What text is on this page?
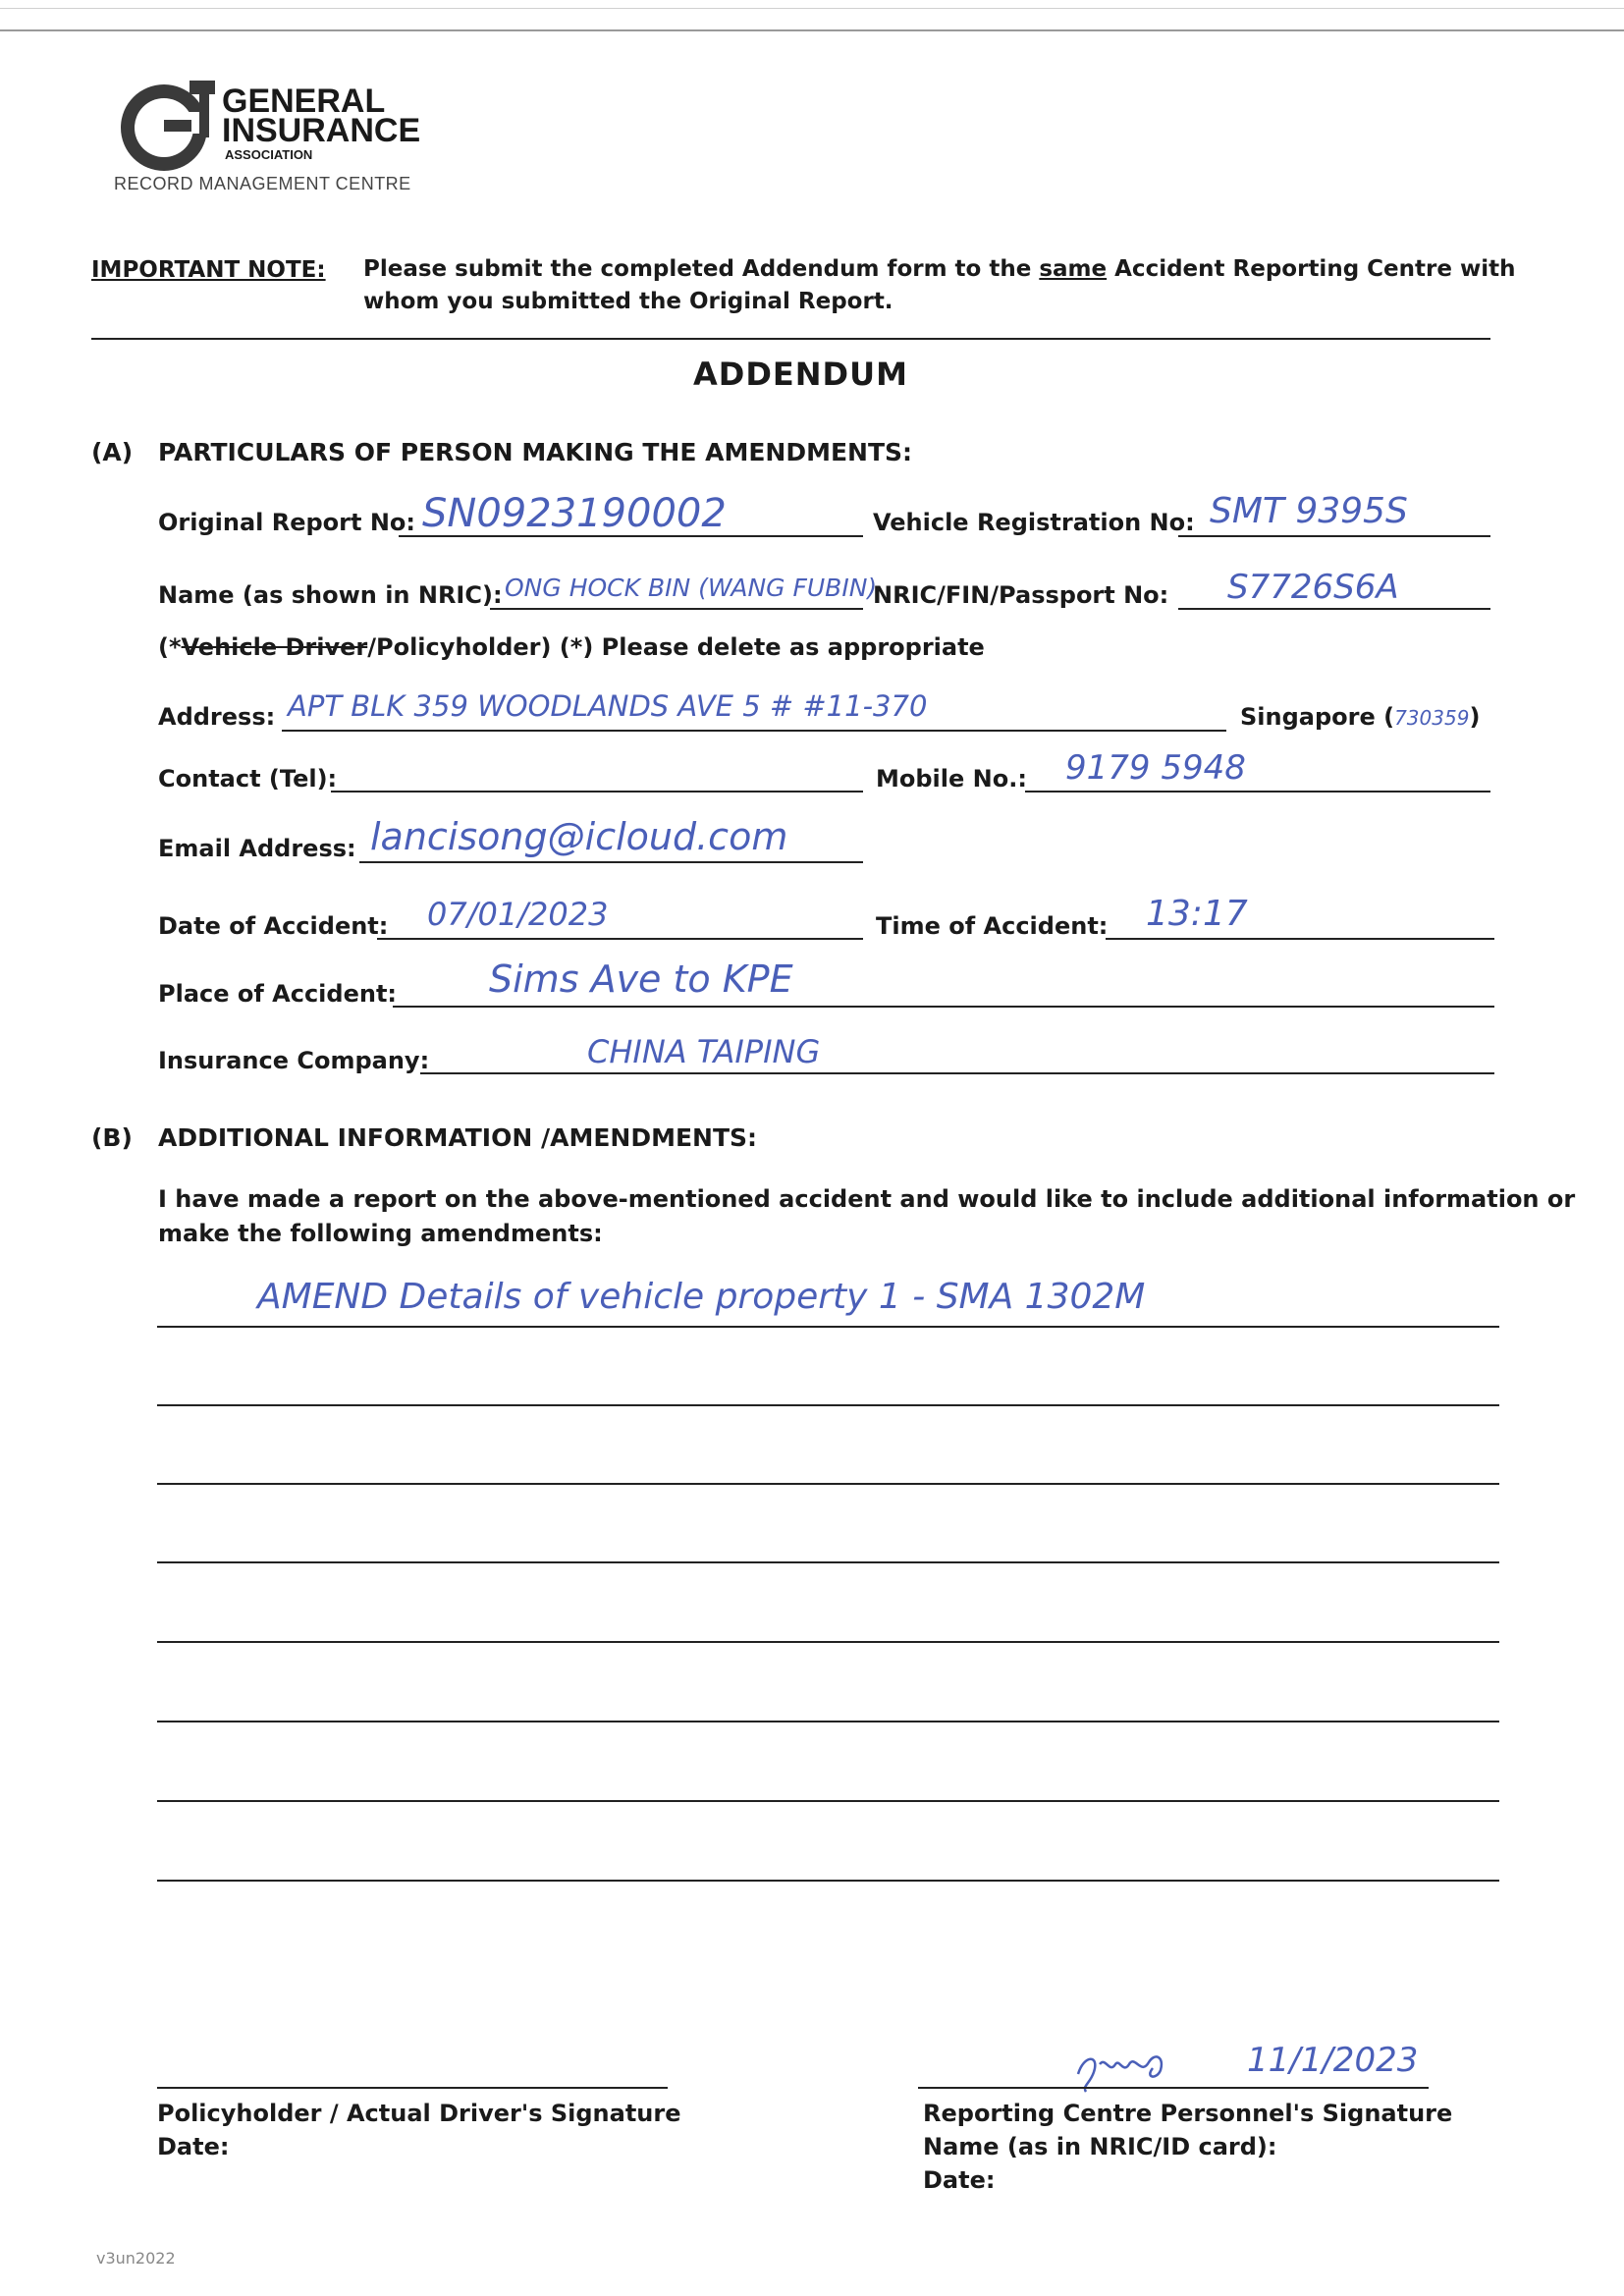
GENERAL
INSURANCE
ASSOCIATION
RECORD MANAGEMENT CENTRE
IMPORTANT NOTE: Please submit the completed Addendum form to the same Accident Reporting Centre with
whom you submitted the Original Report.
ADDENDUM
(A) PARTICULARS OF PERSON MAKING THE AMENDMENTS:
Original Report No: SN0923190002	Vehicle Registration No: SMT 9395S
Name (as shown in NRIC): ONG HOCK BIN (WANG FUBIN)
NRIC/FIN/Passport No: S7726S6A
(*Vehicle Driver/Policyholder) (*) Please delete as appropriate
Address: APT BLK 359 WOODLANDS AVE 5 # #11-370	Singapore (730359)
Contact (Tel):	Mobile No.: 9179 5948
Email Address: lancisong@icloud.com
Date of Accident: 07/01/2023	Time of Accident: 13:17
Place of Accident: Sims Ave to KPE
Insurance Company:	CHINA TAIPING
(B) ADDITIONAL INFORMATION /AMENDMENTS:
I have made a report on the above-mentioned accident and would like to include additional information or
make the following amendments:
AMEND Details of vehicle property 1 - SMA 1302M
Policyholder / Actual Driver's Signature
Date:
11/1/2023
Reporting Centre Personnel's Signature
Name (as in NRIC/ID card):
Date:
v3un2022
